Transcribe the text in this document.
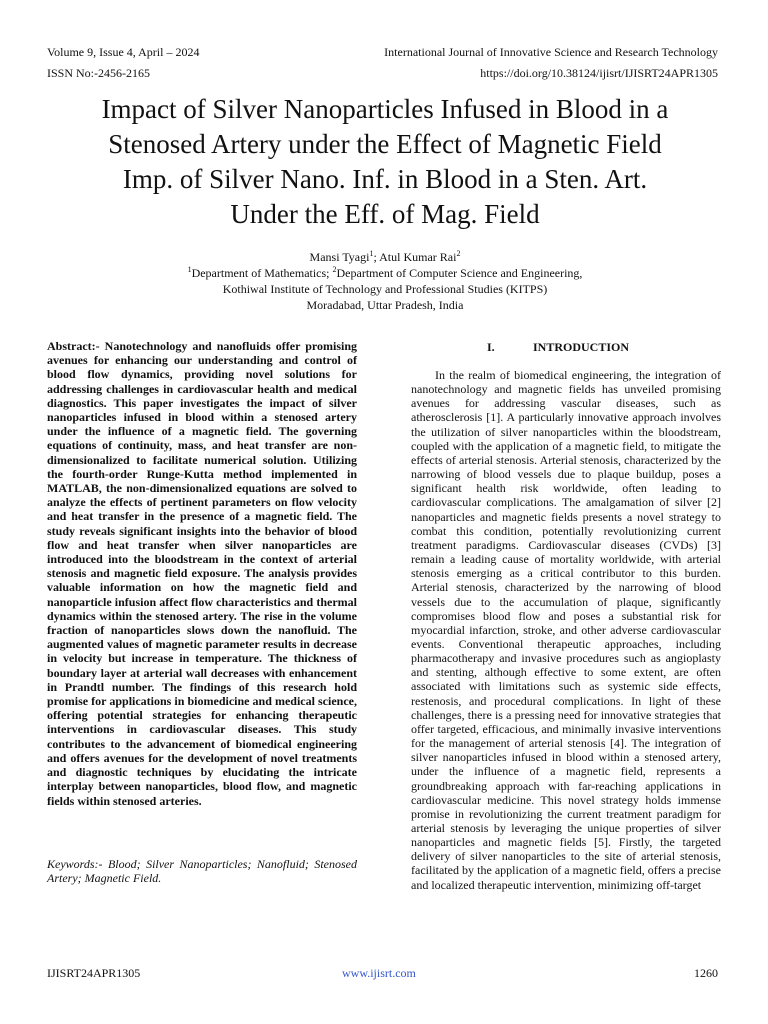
Volume 9, Issue 4, April – 2024	International Journal of Innovative Science and Research Technology
ISSN No:-2456-2165	https://doi.org/10.38124/ijisrt/IJISRT24APR1305
Impact of Silver Nanoparticles Infused in Blood in a
Stenosed Artery under the Effect of Magnetic Field
Imp. of Silver Nano. Inf. in Blood in a Sten. Art.
Under the Eff. of Mag. Field
Mansi Tyagi$^1$; Atul Kumar Rai$^2$
$^1$Department of Mathematics; $^2$Department of Computer Science and Engineering,
Kothiwal Institute of Technology and Professional Studies (KITPS)
Moradabad, Uttar Pradesh, India

Abstract:- Nanotechnology and nanofluids offer promising avenues for enhancing our understanding and control of blood flow dynamics, providing novel solutions for addressing challenges in cardiovascular health and medical diagnostics. This paper investigates the impact of silver nanoparticles infused in blood within a stenosed artery under the influence of a magnetic field. The governing equations of continuity, mass, and heat transfer are non-dimensionalized to facilitate numerical solution. Utilizing the fourth-order Runge-Kutta method implemented in MATLAB, the non-dimensionalized equations are solved to analyze the effects of pertinent parameters on flow velocity and heat transfer in the presence of a magnetic field. The study reveals significant insights into the behavior of blood flow and heat transfer when silver nanoparticles are introduced into the bloodstream in the context of arterial stenosis and magnetic field exposure. The analysis provides valuable information on how the magnetic field and nanoparticle infusion affect flow characteristics and thermal dynamics within the stenosed artery. The rise in the volume fraction of nanoparticles slows down the nanofluid. The augmented values of magnetic parameter results in decrease in velocity but increase in temperature. The thickness of boundary layer at arterial wall decreases with enhancement in Prandtl number. The findings of this research hold promise for applications in biomedicine and medical science, offering potential strategies for enhancing therapeutic interventions in cardiovascular diseases. This study contributes to the advancement of biomedical engineering and offers avenues for the development of novel treatments and diagnostic techniques by elucidating the intricate interplay between nanoparticles, blood flow, and magnetic fields within stenosed arteries.

Keywords:- Blood; Silver Nanoparticles; Nanofluid; Stenosed Artery; Magnetic Field.

I.	INTRODUCTION

In the realm of biomedical engineering, the integration of nanotechnology and magnetic fields has unveiled promising avenues for addressing vascular diseases, such as atherosclerosis [1]. A particularly innovative approach involves the utilization of silver nanoparticles within the bloodstream, coupled with the application of a magnetic field, to mitigate the effects of arterial stenosis. Arterial stenosis, characterized by the narrowing of blood vessels due to plaque buildup, poses a significant health risk worldwide, often leading to cardiovascular complications. The amalgamation of silver [2] nanoparticles and magnetic fields presents a novel strategy to combat this condition, potentially revolutionizing current treatment paradigms. Cardiovascular diseases (CVDs) [3] remain a leading cause of mortality worldwide, with arterial stenosis emerging as a critical contributor to this burden. Arterial stenosis, characterized by the narrowing of blood vessels due to the accumulation of plaque, significantly compromises blood flow and poses a substantial risk for myocardial infarction, stroke, and other adverse cardiovascular events. Conventional therapeutic approaches, including pharmacotherapy and invasive procedures such as angioplasty and stenting, although effective to some extent, are often associated with limitations such as systemic side effects, restenosis, and procedural complications. In light of these challenges, there is a pressing need for innovative strategies that offer targeted, efficacious, and minimally invasive interventions for the management of arterial stenosis [4]. The integration of silver nanoparticles infused in blood within a stenosed artery, under the influence of a magnetic field, represents a groundbreaking approach with far-reaching applications in cardiovascular medicine. This novel strategy holds immense promise in revolutionizing the current treatment paradigm for arterial stenosis by leveraging the unique properties of silver nanoparticles and magnetic fields [5]. Firstly, the targeted delivery of silver nanoparticles to the site of arterial stenosis, facilitated by the application of a magnetic field, offers a precise and localized therapeutic intervention, minimizing off-target

IJISRT24APR1305	www.ijisrt.com	1260
